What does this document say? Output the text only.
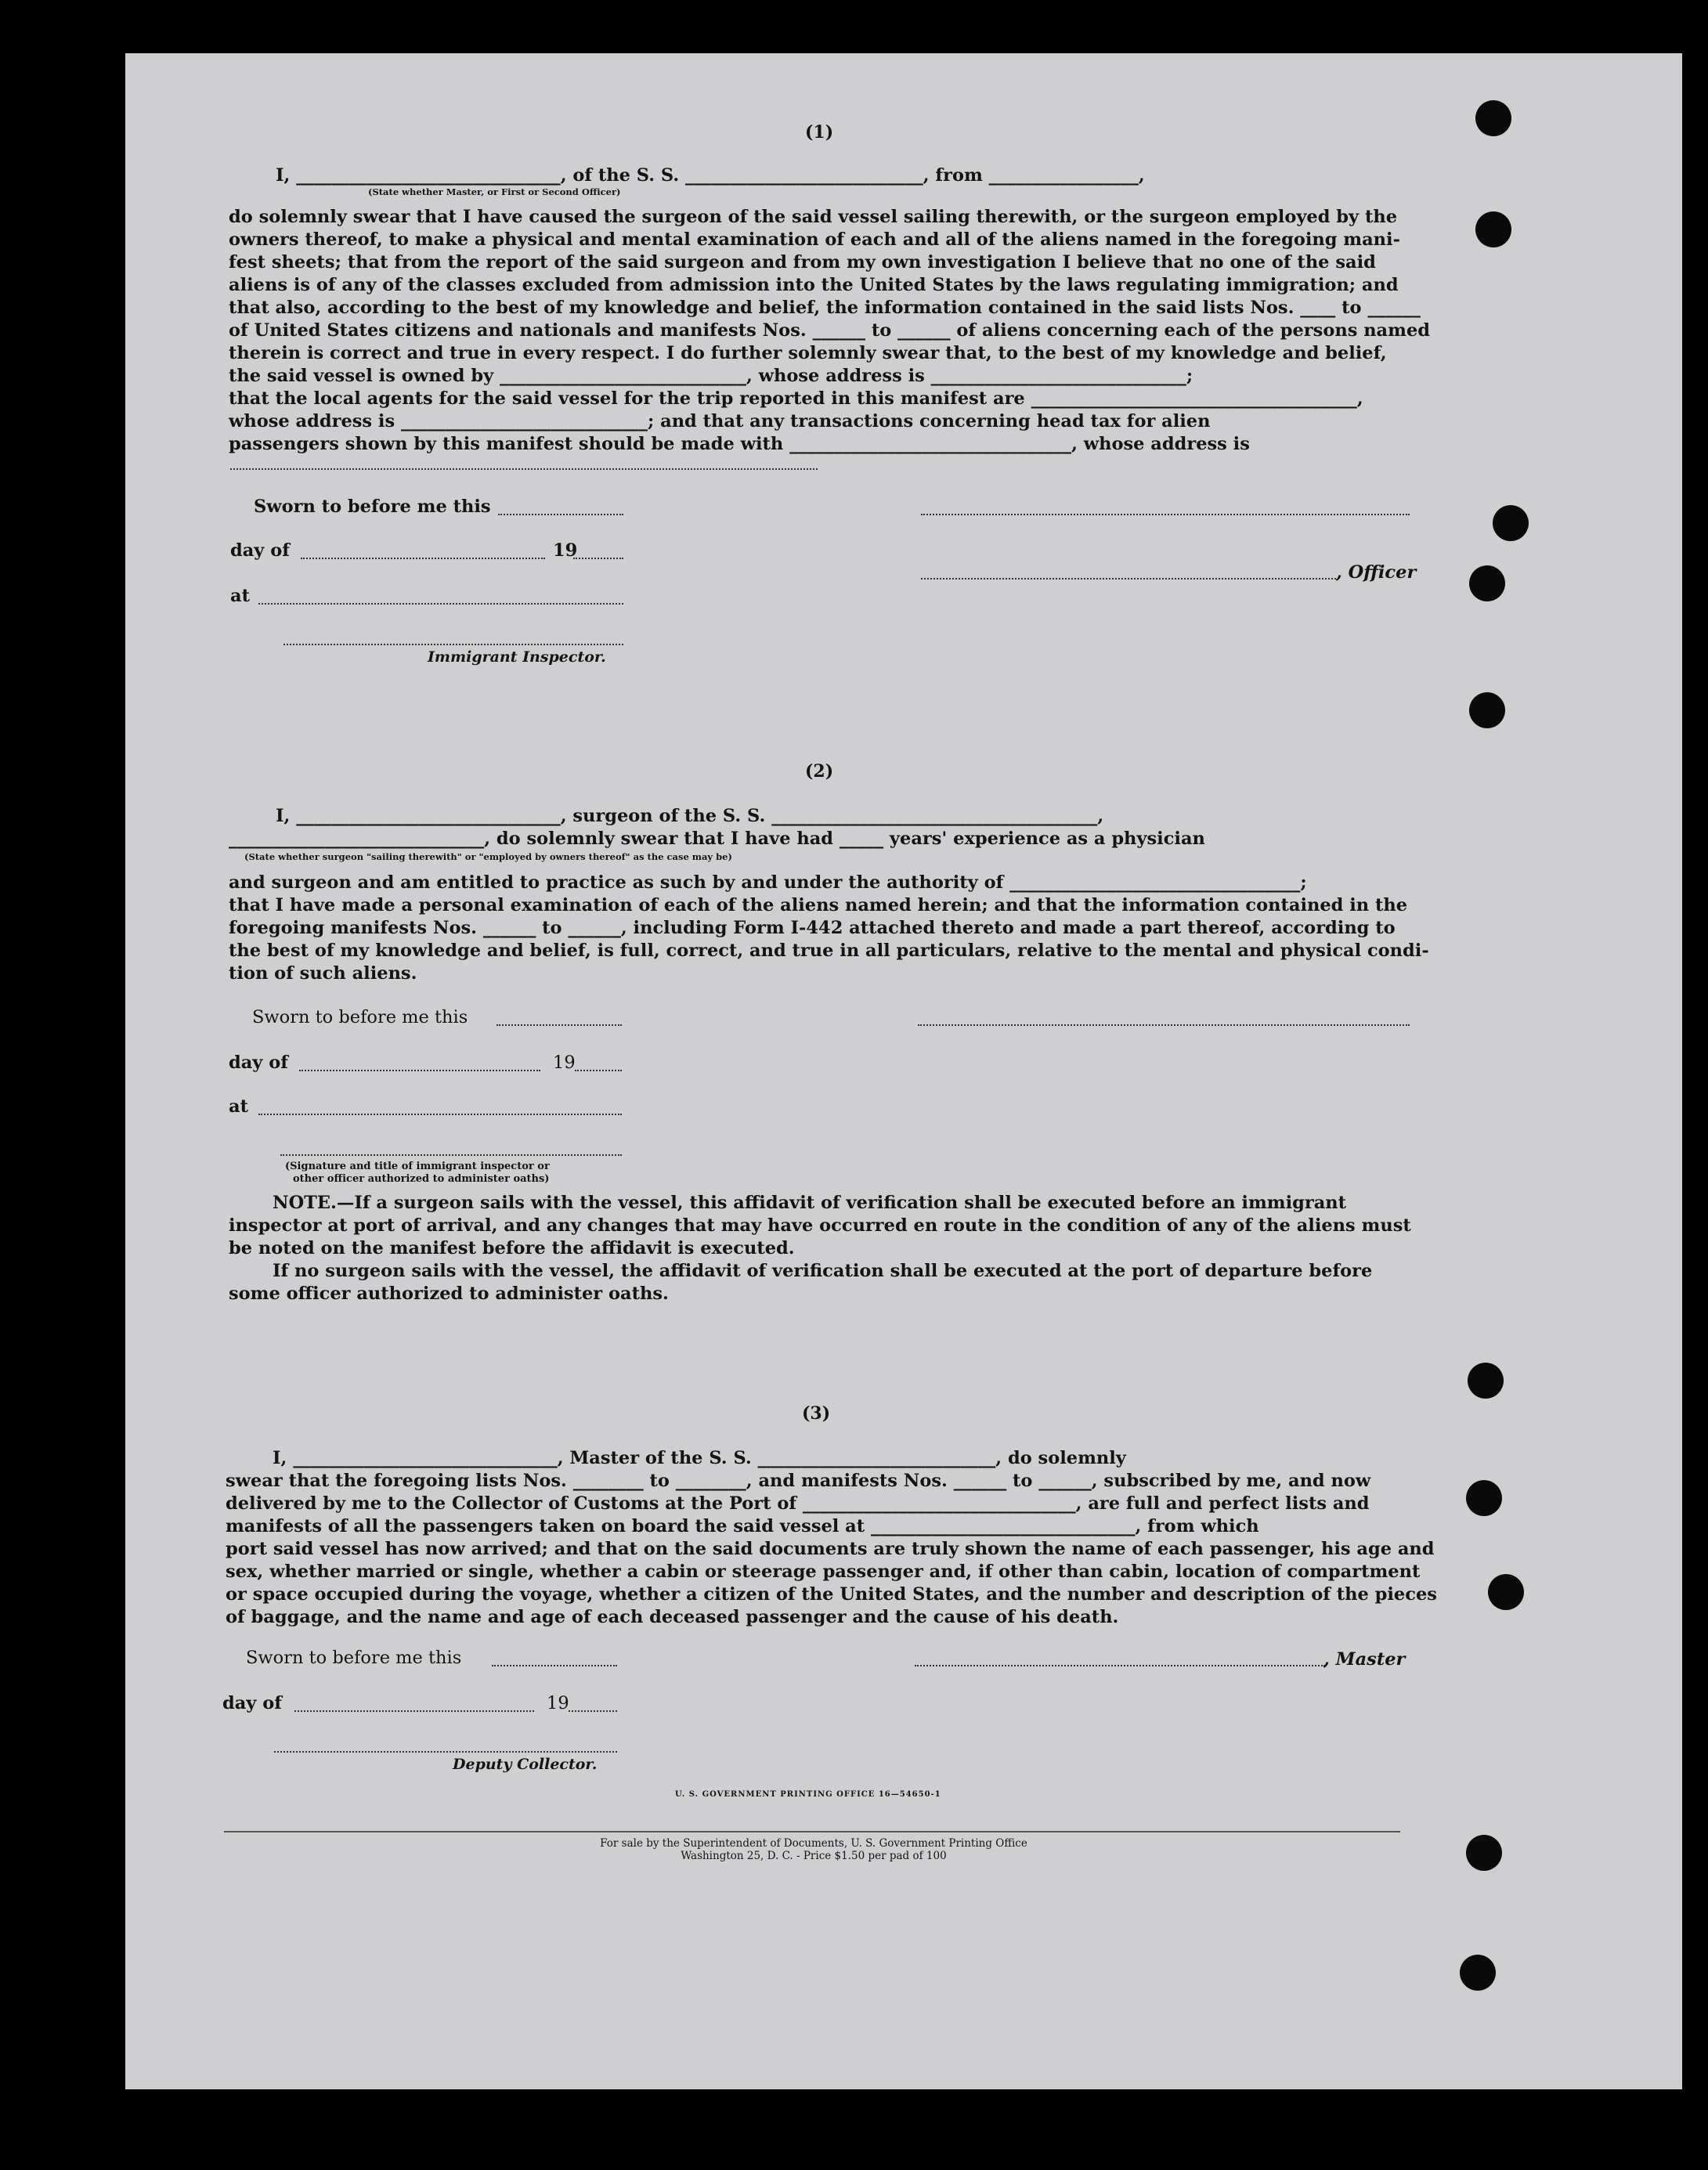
(1)
I, ______________________________, of the S. S. ___________________________, from _________________,
(State whether Master, or First or Second Officer)
do solemnly swear that I have caused the surgeon of the said vessel sailing therewith, or the surgeon employed by the
owners thereof, to make a physical and mental examination of each and all of the aliens named in the foregoing mani-
fest sheets; that from the report of the said surgeon and from my own investigation I believe that no one of the said
aliens is of any of the classes excluded from admission into the United States by the laws regulating immigration; and
that also, according to the best of my knowledge and belief, the information contained in the said lists Nos. ____ to ______
of United States citizens and nationals and manifests Nos. ______ to ______ of aliens concerning each of the persons named
therein is correct and true in every respect. I do further solemnly swear that, to the best of my knowledge and belief,
the said vessel is owned by ____________________________, whose address is _____________________________;
that the local agents for the said vessel for the trip reported in this manifest are _____________________________________,
whose address is ____________________________; and that any transactions concerning head tax for alien
passengers shown by this manifest should be made with ________________________________, whose address is
Sworn to before me this
day of	19
, Officer
at
Immigrant Inspector.
(2)
I, ______________________________, surgeon of the S. S. _____________________________________,
_____________________________, do solemnly swear that I have had _____ years' experience as a physician
(State whether surgeon "sailing therewith" or "employed by owners thereof" as the case may be)
and surgeon and am entitled to practice as such by and under the authority of _________________________________;
that I have made a personal examination of each of the aliens named herein; and that the information contained in the
foregoing manifests Nos. ______ to ______, including Form I-442 attached thereto and made a part thereof, according to
the best of my knowledge and belief, is full, correct, and true in all particulars, relative to the mental and physical condi-
tion of such aliens.
Sworn to before me this
day of	19
at
(Signature and title of immigrant inspector or
other officer authorized to administer oaths)
NOTE.—If a surgeon sails with the vessel, this affidavit of verification shall be executed before an immigrant
inspector at port of arrival, and any changes that may have occurred en route in the condition of any of the aliens must
be noted on the manifest before the affidavit is executed.
If no surgeon sails with the vessel, the affidavit of verification shall be executed at the port of departure before
some officer authorized to administer oaths.
(3)
I, ______________________________, Master of the S. S. ___________________________, do solemnly
swear that the foregoing lists Nos. ________ to ________, and manifests Nos. ______ to ______, subscribed by me, and now
delivered by me to the Collector of Customs at the Port of _______________________________, are full and perfect lists and
manifests of all the passengers taken on board the said vessel at ______________________________, from which
port said vessel has now arrived; and that on the said documents are truly shown the name of each passenger, his age and
sex, whether married or single, whether a cabin or steerage passenger and, if other than cabin, location of compartment
or space occupied during the voyage, whether a citizen of the United States, and the number and description of the pieces
of baggage, and the name and age of each deceased passenger and the cause of his death.
Sworn to before me this	, Master
day of	19
Deputy Collector.
U. S. GOVERNMENT PRINTING OFFICE 16—54650-1
For sale by the Superintendent of Documents, U. S. Government Printing Office
Washington 25, D. C. - Price $1.50 per pad of 100
